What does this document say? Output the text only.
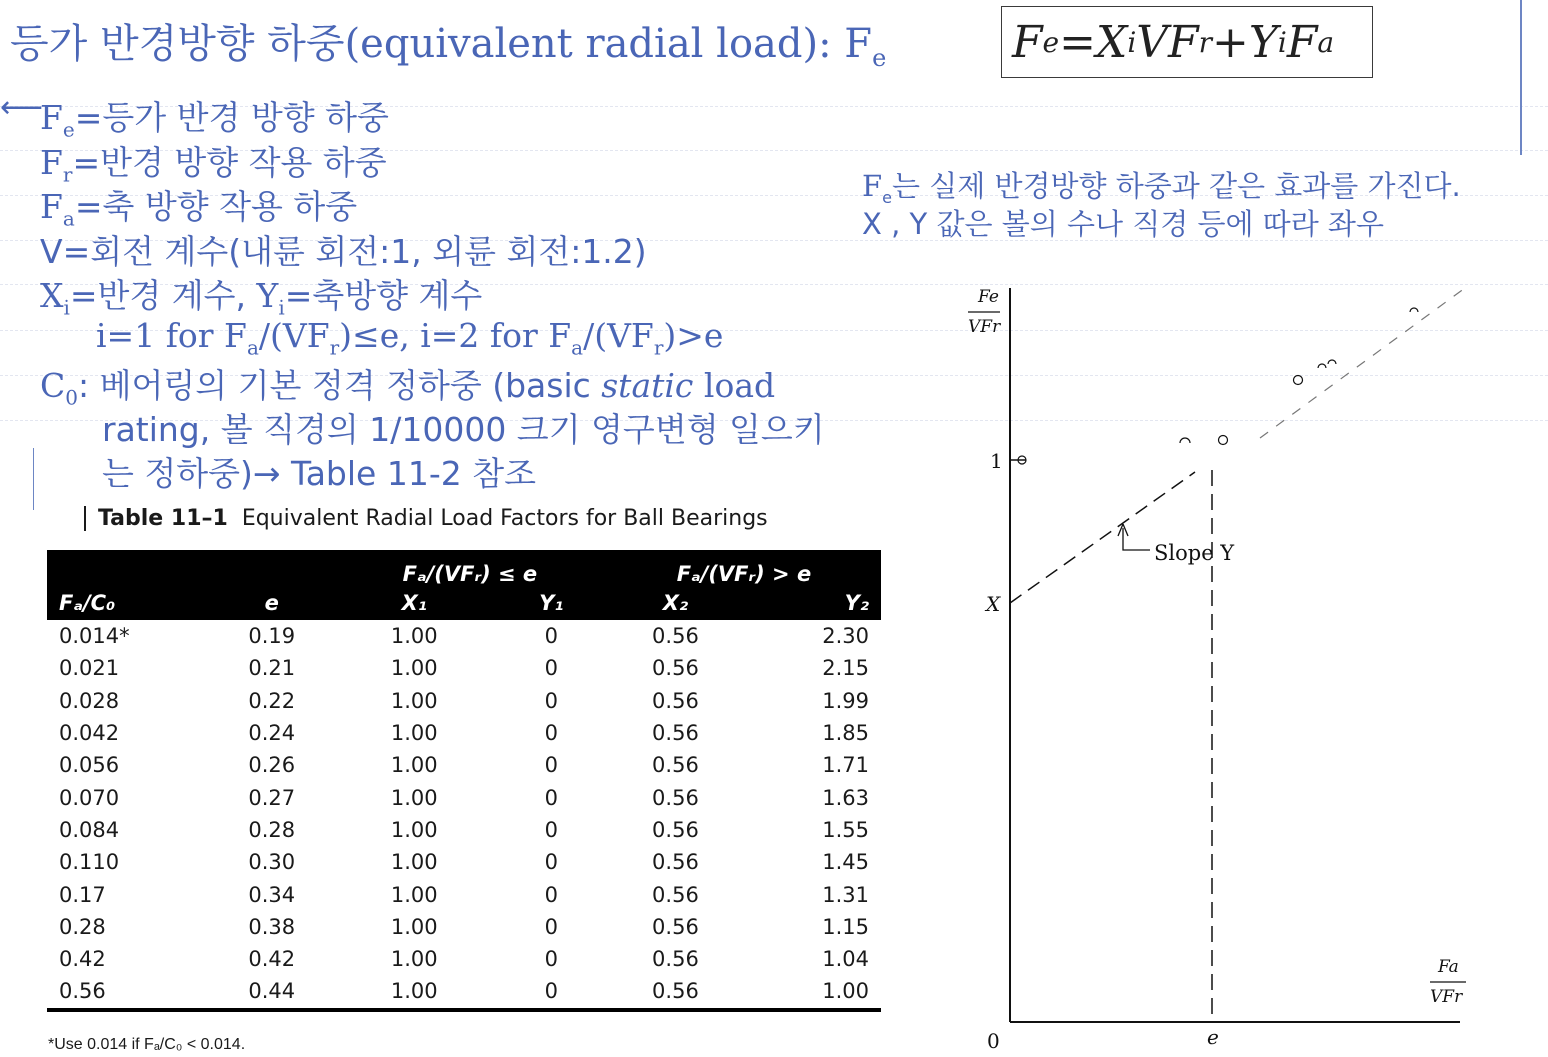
등가 반경방향 하중(equivalent radial load): $F_e$	F e = X i VF r + Y i F a
⟵
$F_e=$등가 반경 방향 하중
$F_r=$반경 방향 작용 하중
$F_a=$축 방향 작용 하중
V=회전 계수(내륜 회전:1, 외륜 회전:1.2)
$X_i=$반경 계수, $Y_i=$축방향 계수
i=1 for $F_a/(VF_r)\le e$, i=2 for $F_a/(VF_r)>e$
$C_0$: 베어링의 기본 정격 정하중 (basic static load
rating, 볼 직경의 1/10000 크기 영구변형 일으키
는 정하중)→ Table 11-2 참조
$F_e$는 실제 반경방향 하중과 같은 효과를 가진다.
X , Y 값은 볼의 수나 직경 등에 따라 좌우
Table 11–1 Equivalent Radial Load Factors for Ball Bearings
		Fₐ/(VFᵣ) ≤ e		Fₐ/(VFᵣ) > e	
Fₐ/C₀	e	X₁	Y₁	X₂	Y₂
0.014*	0.19	1.00	0	0.56	2.30
0.021	0.21	1.00	0	0.56	2.15
0.028	0.22	1.00	0	0.56	1.99
0.042	0.24	1.00	0	0.56	1.85
0.056	0.26	1.00	0	0.56	1.71
0.070	0.27	1.00	0	0.56	1.63
0.084	0.28	1.00	0	0.56	1.55
0.110	0.30	1.00	0	0.56	1.45
0.17	0.34	1.00	0	0.56	1.31
0.28	0.38	1.00	0	0.56	1.15
0.42	0.42	1.00	0	0.56	1.04
0.56	0.44	1.00	0	0.56	1.00
*Use 0.014 if Fₐ/C₀ < 0.014.
Slope Y
Fe
VFr
1
X
e
0
Fa
VFr
